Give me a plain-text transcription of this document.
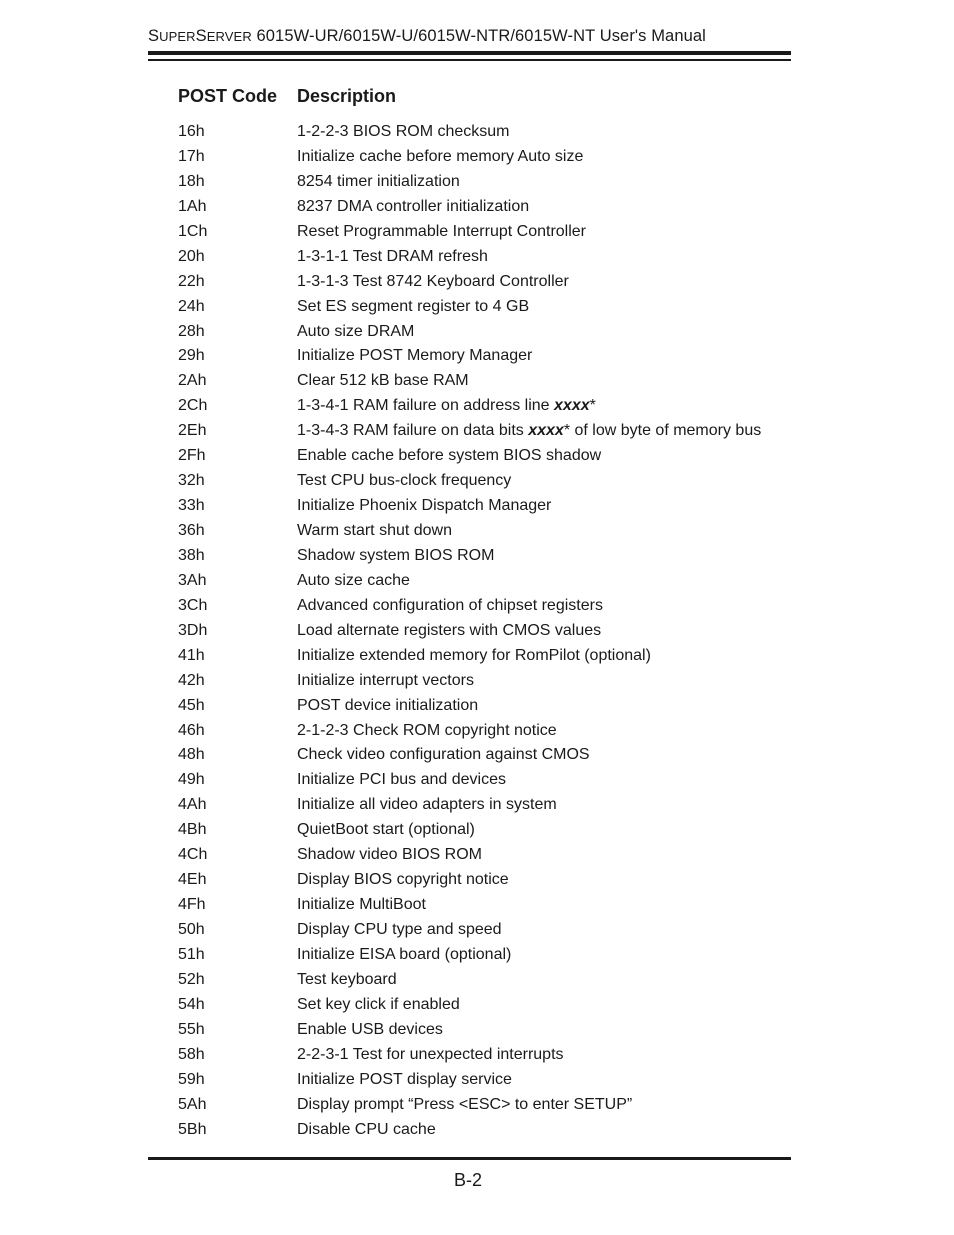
SUPERSERVER 6015W-UR/6015W-U/6015W-NTR/6015W-NT User's Manual
POST Code Description
16h	1-2-2-3 BIOS ROM checksum
17h	Initialize cache before memory Auto size
18h	8254 timer initialization
1Ah	8237 DMA controller initialization
1Ch	Reset Programmable Interrupt Controller
20h	1-3-1-1 Test DRAM refresh
22h	1-3-1-3 Test 8742 Keyboard Controller
24h	Set ES segment register to 4 GB
28h	Auto size DRAM
29h	Initialize POST Memory Manager
2Ah	Clear 512 kB base RAM
2Ch	1-3-4-1 RAM failure on address line xxxx*
2Eh	1-3-4-3 RAM failure on data bits xxxx* of low byte of memory bus
2Fh	Enable cache before system BIOS shadow
32h	Test CPU bus-clock frequency
33h	Initialize Phoenix Dispatch Manager
36h	Warm start shut down
38h	Shadow system BIOS ROM
3Ah	Auto size cache
3Ch	Advanced configuration of chipset registers
3Dh	Load alternate registers with CMOS values
41h	Initialize extended memory for RomPilot (optional)
42h	Initialize interrupt vectors
45h	POST device initialization
46h	2-1-2-3 Check ROM copyright notice
48h	Check video configuration against CMOS
49h	Initialize PCI bus and devices
4Ah	Initialize all video adapters in system
4Bh	QuietBoot start (optional)
4Ch	Shadow video BIOS ROM
4Eh	Display BIOS copyright notice
4Fh	Initialize MultiBoot
50h	Display CPU type and speed
51h	Initialize EISA board (optional)
52h	Test keyboard
54h	Set key click if enabled
55h	Enable USB devices
58h	2-2-3-1 Test for unexpected interrupts
59h	Initialize POST display service
5Ah	Display prompt “Press <ESC> to enter SETUP”
5Bh	Disable CPU cache
B-2
